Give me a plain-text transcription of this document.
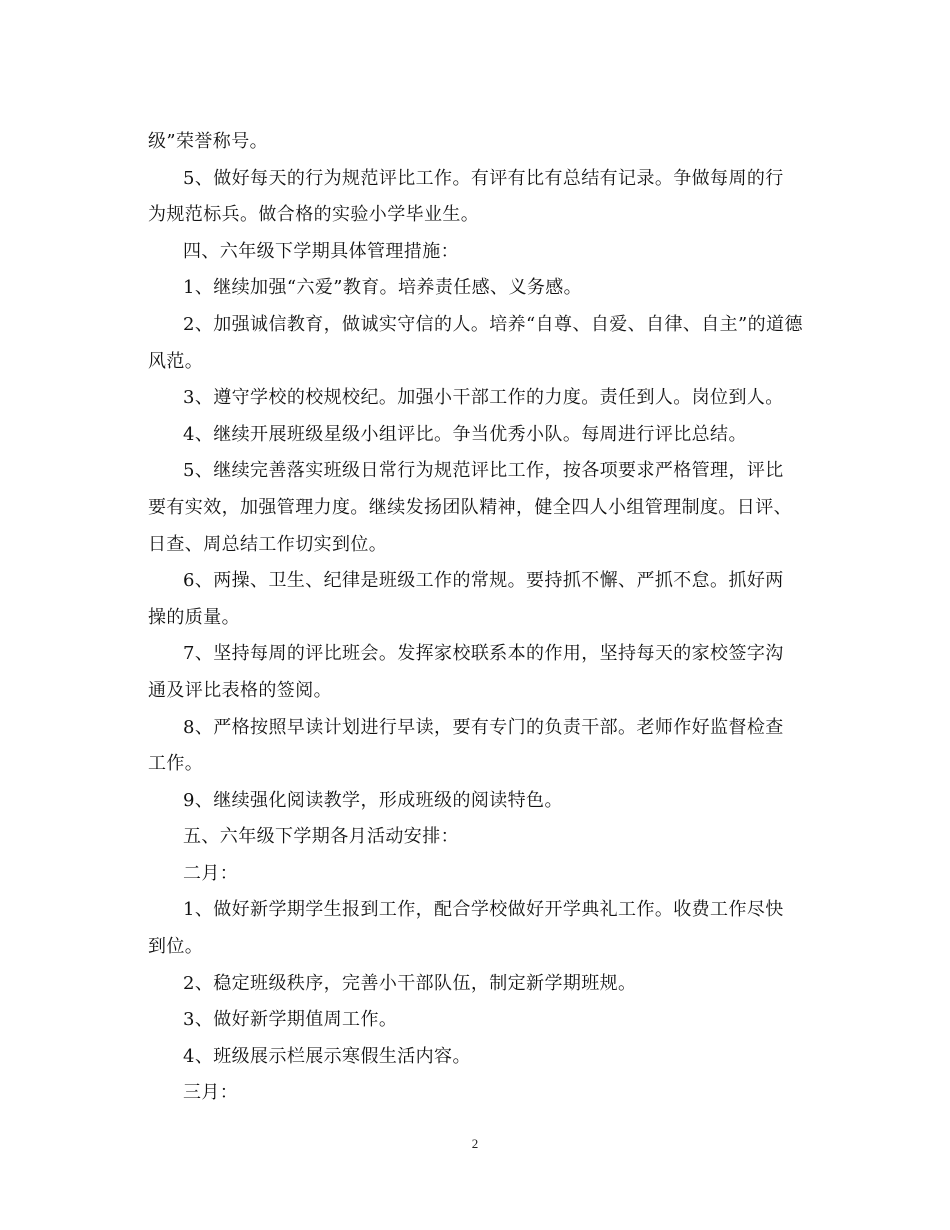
级”荣誉称号。
5、做好每天的行为规范评比工作。有评有比有总结有记录。争做每周的行
为规范标兵。做合格的实验小学毕业生。
四、六年级下学期具体管理措施：
1、继续加强“六爱”教育。培养责任感、义务感。
2、加强诚信教育，做诚实守信的人。培养“自尊、自爱、自律、自主”的道德
风范。
3、遵守学校的校规校纪。加强小干部工作的力度。责任到人。岗位到人。
4、继续开展班级星级小组评比。争当优秀小队。每周进行评比总结。
5、继续完善落实班级日常行为规范评比工作，按各项要求严格管理，评比
要有实效，加强管理力度。继续发扬团队精神，健全四人小组管理制度。日评、
日查、周总结工作切实到位。
6、两操、卫生、纪律是班级工作的常规。要持抓不懈、严抓不怠。抓好两
操的质量。
7、坚持每周的评比班会。发挥家校联系本的作用，坚持每天的家校签字沟
通及评比表格的签阅。
8、严格按照早读计划进行早读，要有专门的负责干部。老师作好监督检查
工作。
9、继续强化阅读教学，形成班级的阅读特色。
五、六年级下学期各月活动安排：
二月：
1、做好新学期学生报到工作，配合学校做好开学典礼工作。收费工作尽快
到位。
2、稳定班级秩序，完善小干部队伍，制定新学期班规。
3、做好新学期值周工作。
4、班级展示栏展示寒假生活内容。
三月：
2
